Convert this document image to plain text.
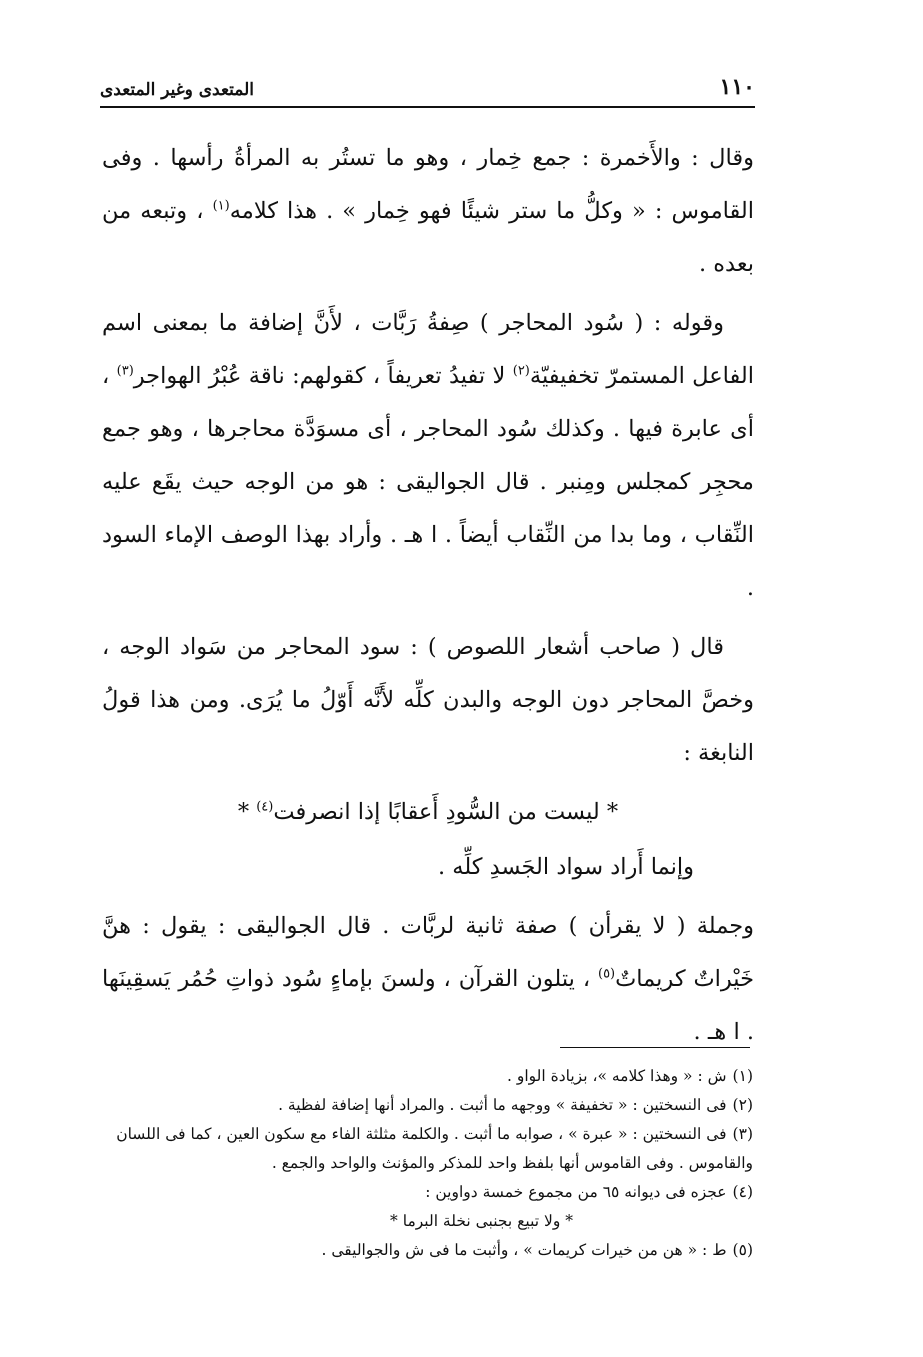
١١٠
المتعدى وغير المتعدى

وقال : والأَخمرة : جمع خِمار ، وهو ما تستُر به المرأةُ رأسها . وفى القاموس : « وكلُّ ما ستر شيئًا فهو خِمار » . هذا كلامه$^{(١)}$ ، وتبعه من بعده .

وقوله : ( سُود المحاجر ) صِفةُ رَبَّات ، لأَنَّ إضافة ما بمعنى اسم الفاعل المستمرّ تخفيفيّة$^{(٢)}$ لا تفيدُ تعريفاً ، كقولهم: ناقة عُبْرُ الهواجر$^{(٣)}$ ، أى عابرة فيها . وكذلك سُود المحاجر ، أى مسوَدَّة محاجرها ، وهو جمع محجِر كمجلس ومِنبر . قال الجواليقى : هو من الوجه حيث يقَع عليه النِّقاب ، وما بدا من النِّقاب أيضاً . ا هـ . وأراد بهذا الوصف الإماء السود .

قال ( صاحب أشعار اللصوص ) : سود المحاجر من سَواد الوجه ، وخصَّ المحاجر دون الوجه والبدن كلِّه لأَنَّه أَوّلُ ما يُرَى. ومن هذا قولُ النابغة :

* ليست من السُّودِ أَعقابًا إذا انصرفت$^{(٤)}$ *

وإنما أَراد سواد الجَسدِ كلِّه .

وجملة ( لا يقرأن ) صفة ثانية لربَّات . قال الجواليقى : يقول : هنَّ خَيْراتٌ كريماتٌ$^{(٥)}$ ، يتلون القرآن ، ولسنَ بإماءٍ سُود ذواتِ حُمُر يَسقِينَها . ا هـ .

(١)ش : « وهذا كلامه »، بزيادة الواو .

(٢)فى النسختين : « تخفيفة » ووجهه ما أثبت . والمراد أنها إضافة لفظية .

(٣)فى النسختين : « عبرة » ، صوابه ما أثبت . والكلمة مثلثة الفاء مع سكون العين ، كما فى اللسان والقاموس . وفى القاموس أنها بلفظ واحد للمذكر والمؤنث والواحد والجمع .

(٤)عجزه فى ديوانه ٦٥ من مجموع خمسة دواوين :

* ولا تبيع بجنبى نخلة البرما *

(٥)ط : « هن من خيرات كريمات » ، وأثبت ما فى ش والجواليقى .
